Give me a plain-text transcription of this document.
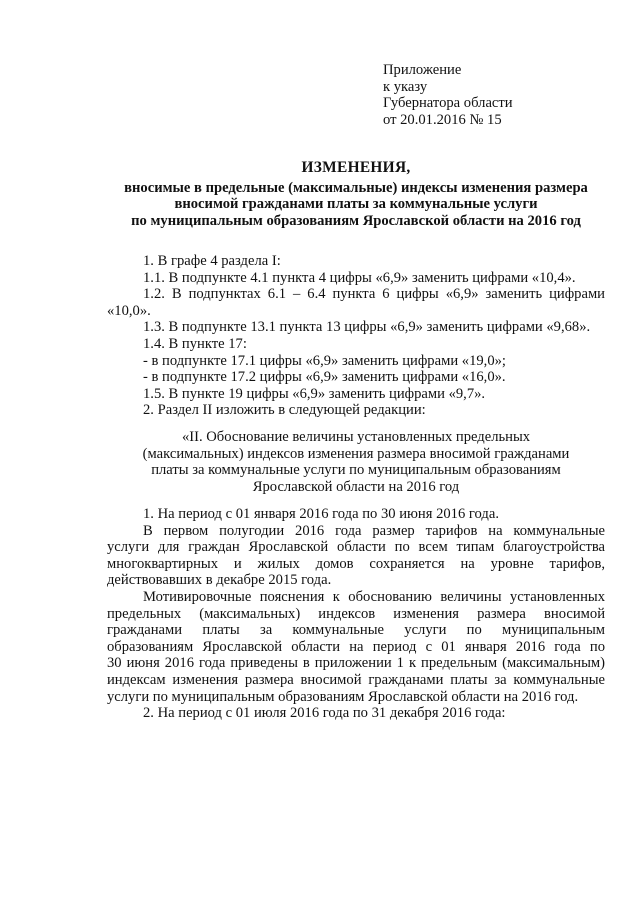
Приложение
к указу
Губернатора области
от 20.01.2016 № 15
ИЗМЕНЕНИЯ,
вносимые в предельные (максимальные) индексы изменения размера
вносимой гражданами платы за коммунальные услуги
по муниципальным образованиям Ярославской области на 2016 год
1. В графе 4 раздела I:
1.1. В подпункте 4.1 пункта 4 цифры «6,9» заменить цифрами «10,4».
1.2. В подпунктах 6.1 – 6.4 пункта 6 цифры «6,9» заменить цифрами
«10,0».
1.3. В подпункте 13.1 пункта 13 цифры «6,9» заменить цифрами «9,68».
1.4. В пункте 17:
- в подпункте 17.1 цифры «6,9» заменить цифрами «19,0»;
- в подпункте 17.2 цифры «6,9» заменить цифрами «16,0».
1.5. В пункте 19 цифры «6,9» заменить цифрами «9,7».
2. Раздел II изложить в следующей редакции:
«II. Обоснование величины установленных предельных
(максимальных) индексов изменения размера вносимой гражданами
платы за коммунальные услуги по муниципальным образованиям
Ярославской области на 2016 год
1. На период с 01 января 2016 года по 30 июня 2016 года.
В первом полугодии 2016 года размер тарифов на коммунальные
услуги для граждан Ярославской области по всем типам благоустройства
многоквартирных и жилых домов сохраняется на уровне тарифов,
действовавших в декабре 2015 года.
Мотивировочные пояснения к обоснованию величины установленных
предельных (максимальных) индексов изменения размера вносимой
гражданами платы за коммунальные услуги по муниципальным
образованиям Ярославской области на период с 01 января 2016 года по
30 июня 2016 года приведены в приложении 1 к предельным (максимальным)
индексам изменения размера вносимой гражданами платы за коммунальные
услуги по муниципальным образованиям Ярославской области на 2016 год.
2. На период с 01 июля 2016 года по 31 декабря 2016 года:
